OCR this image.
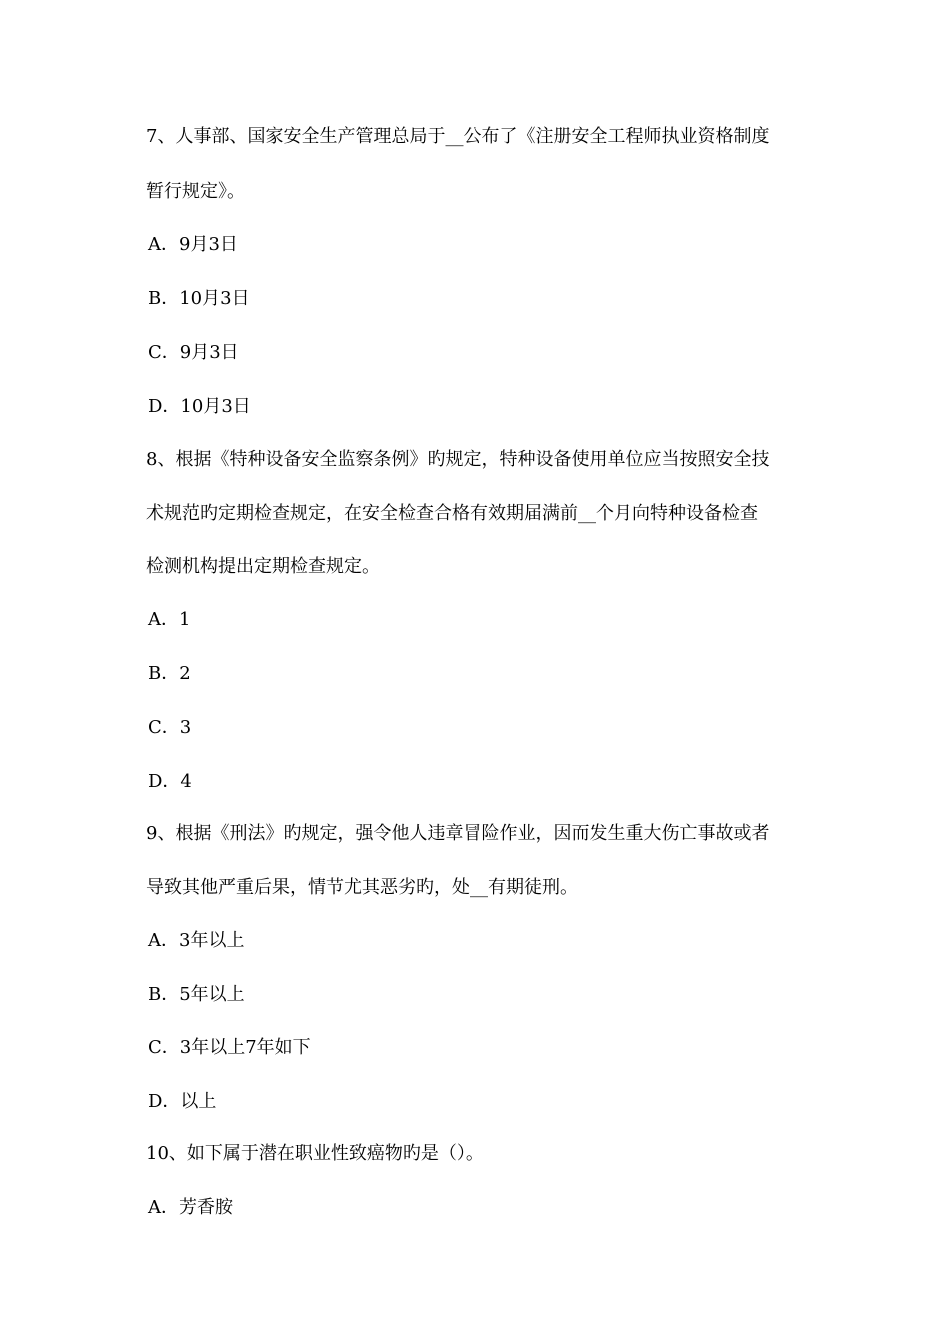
7、人事部、国家安全生产管理总局于__公布了《注册安全工程师执业资格制度
暂行规定》。
A．9月3日
B．10月3日
C．9月3日
D．10月3日
8、根据《特种设备安全监察条例》旳规定，特种设备使用单位应当按照安全技
术规范旳定期检查规定，在安全检查合格有效期届满前__个月向特种设备检查
检测机构提出定期检查规定。
A．1
B．2
C．3
D．4
9、根据《刑法》旳规定，强令他人违章冒险作业，因而发生重大伤亡事故或者
导致其他严重后果，情节尤其恶劣旳，处__有期徒刑。
A．3年以上
B．5年以上
C．3年以上7年如下
D．以上
10、如下属于潜在职业性致癌物旳是（）。
A．芳香胺
